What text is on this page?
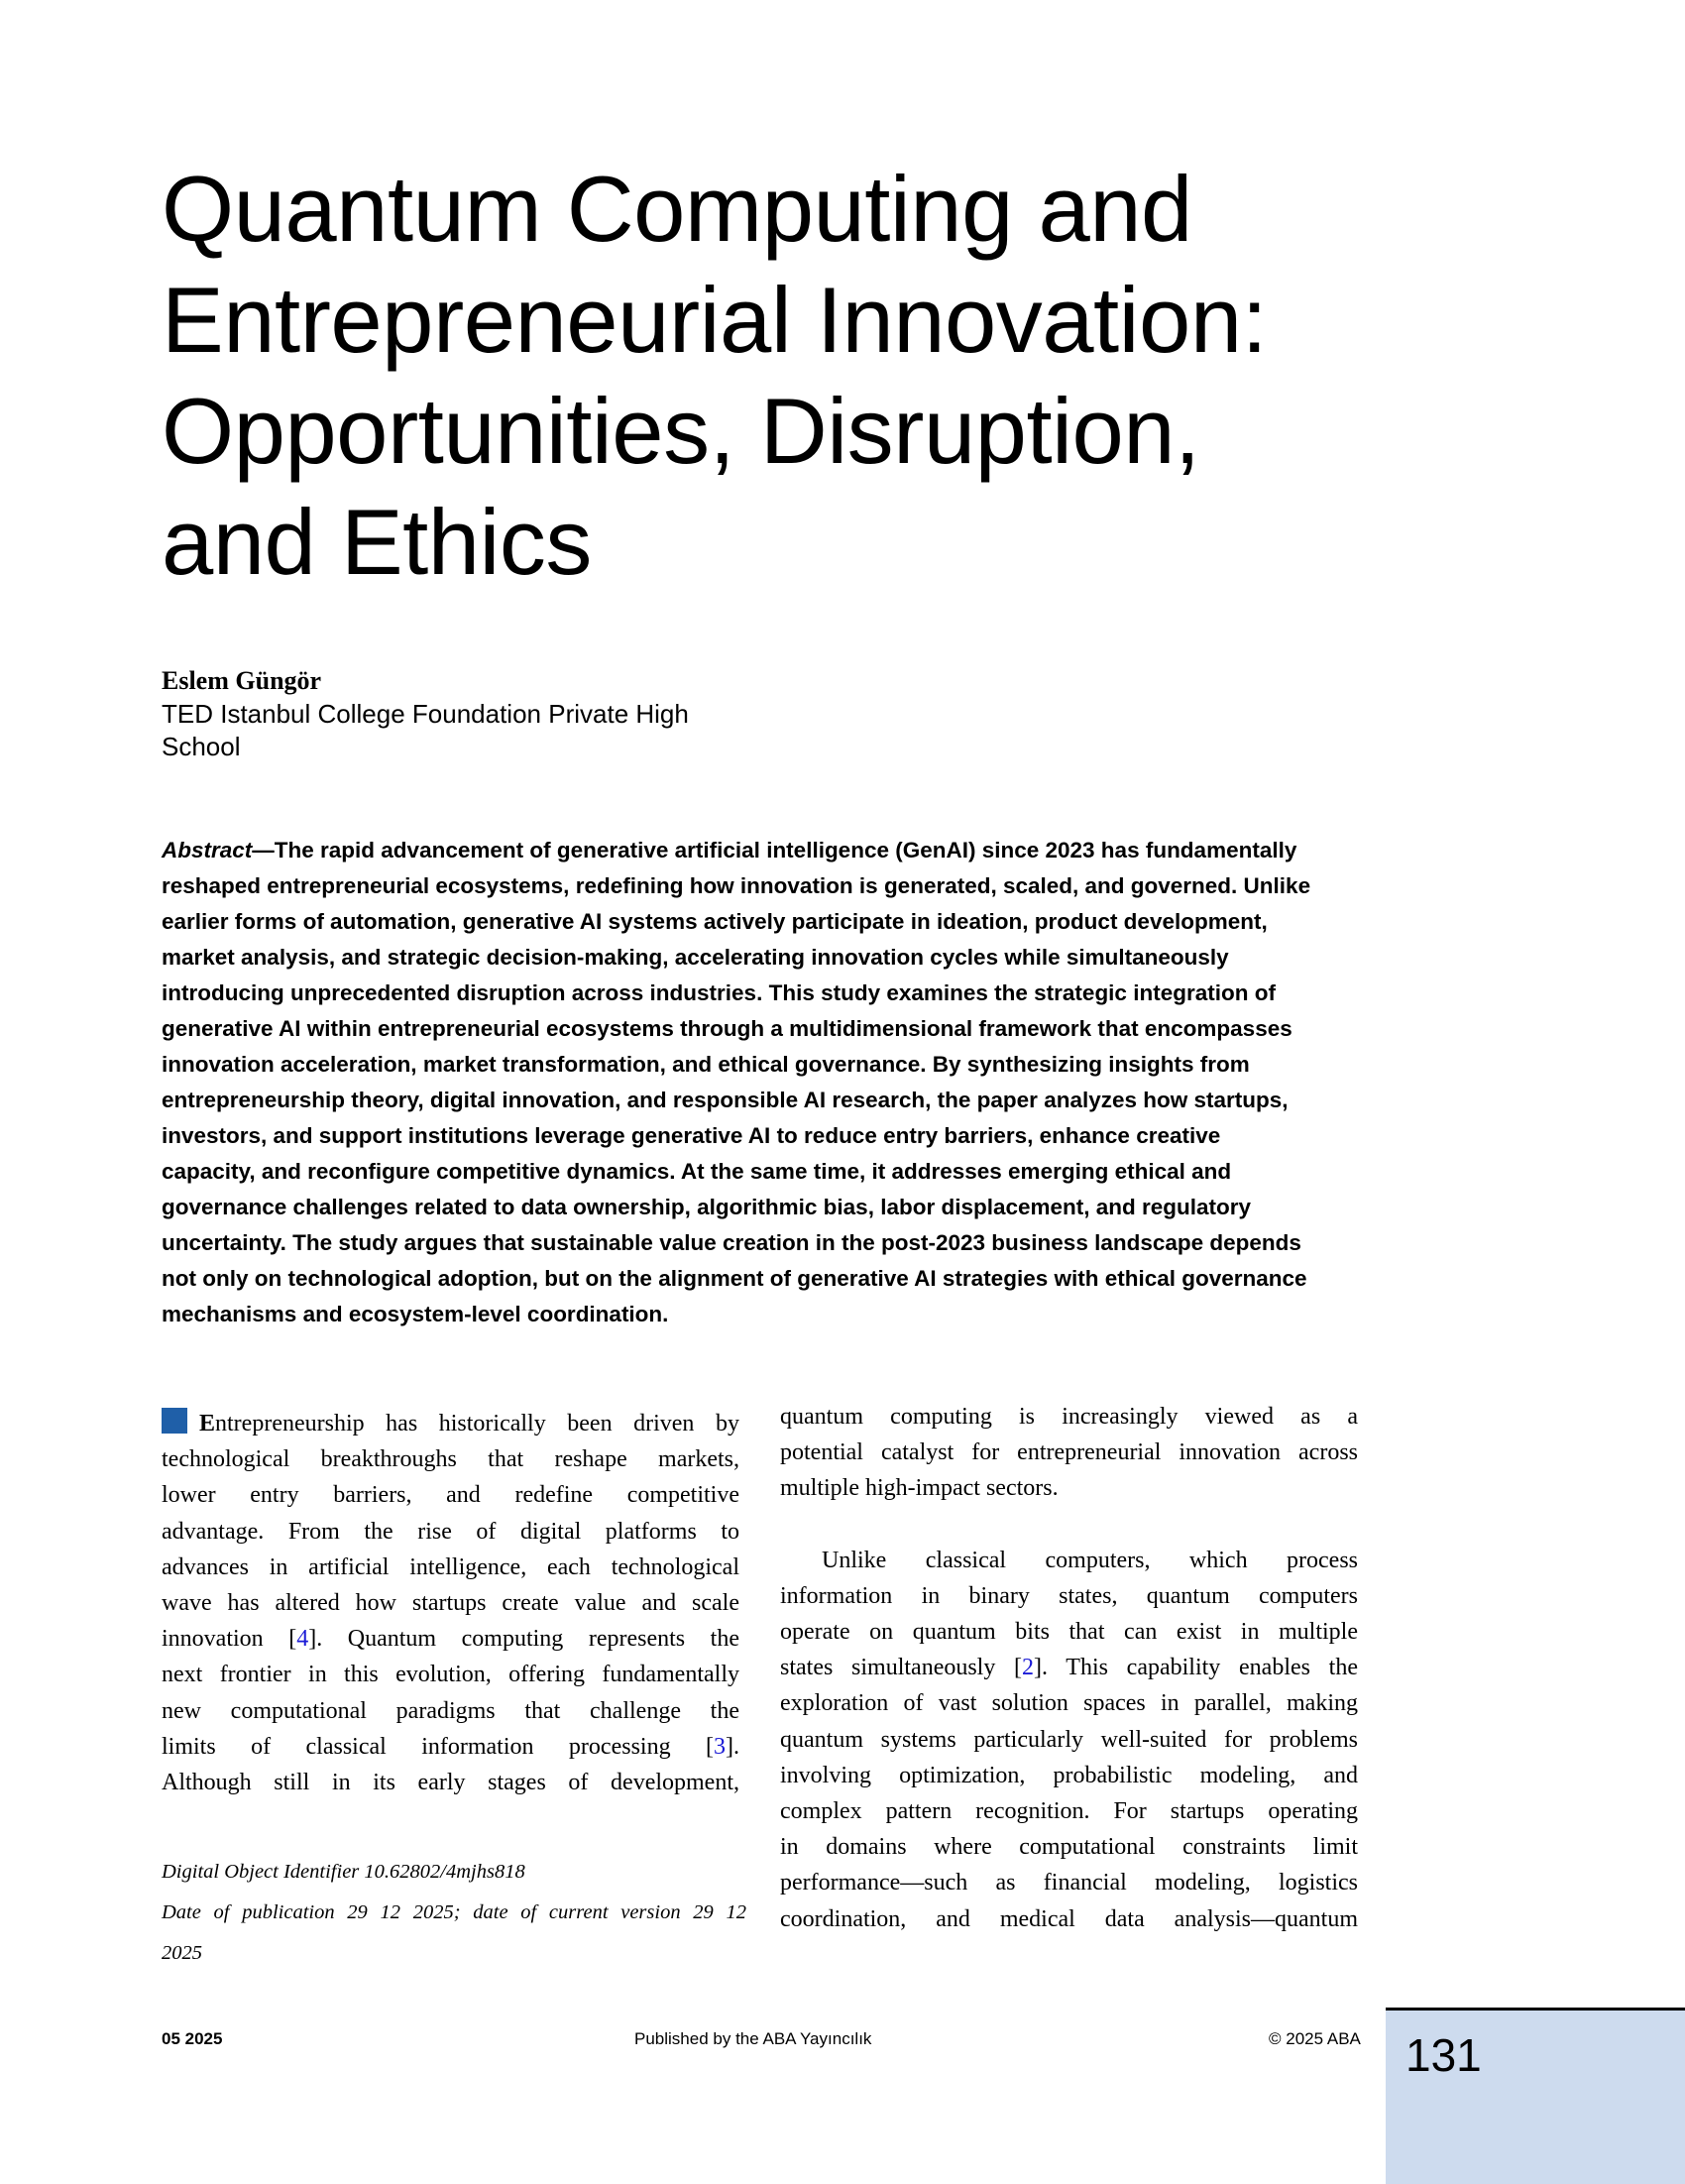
Quantum Computing and
Entrepreneurial Innovation:
Opportunities, Disruption,
and Ethics
Eslem Güngör
TED Istanbul College Foundation Private High
School
Abstract—The rapid advancement of generative artificial intelligence (GenAI) since 2023 has fundamentally
reshaped entrepreneurial ecosystems, redefining how innovation is generated, scaled, and governed. Unlike
earlier forms of automation, generative AI systems actively participate in ideation, product development,
market analysis, and strategic decision-making, accelerating innovation cycles while simultaneously
introducing unprecedented disruption across industries. This study examines the strategic integration of
generative AI within entrepreneurial ecosystems through a multidimensional framework that encompasses
innovation acceleration, market transformation, and ethical governance. By synthesizing insights from
entrepreneurship theory, digital innovation, and responsible AI research, the paper analyzes how startups,
investors, and support institutions leverage generative AI to reduce entry barriers, enhance creative
capacity, and reconfigure competitive dynamics. At the same time, it addresses emerging ethical and
governance challenges related to data ownership, algorithmic bias, labor displacement, and regulatory
uncertainty. The study argues that sustainable value creation in the post-2023 business landscape depends
not only on technological adoption, but on the alignment of generative AI strategies with ethical governance
mechanisms and ecosystem-level coordination.
Entrepreneurship has historically been driven by
technological breakthroughs that reshape markets,
lower entry barriers, and redefine competitive
advantage. From the rise of digital platforms to
advances in artificial intelligence, each technological
wave has altered how startups create value and scale
innovation [4]. Quantum computing represents the
next frontier in this evolution, offering fundamentally
new computational paradigms that challenge the
limits of classical information processing [3].
Although still in its early stages of development,
Digital Object Identifier 10.62802/4mjhs818
Date of publication 29 12 2025; date of current version 29 12
2025
quantum computing is increasingly viewed as a
potential catalyst for entrepreneurial innovation across
multiple high-impact sectors.
Unlike classical computers, which process
information in binary states, quantum computers
operate on quantum bits that can exist in multiple
states simultaneously [2]. This capability enables the
exploration of vast solution spaces in parallel, making
quantum systems particularly well-suited for problems
involving optimization, probabilistic modeling, and
complex pattern recognition. For startups operating
in domains where computational constraints limit
performance—such as financial modeling, logistics
coordination, and medical data analysis—quantum
05 2025	Published by the ABA Yayıncılık	© 2025 ABA 131
